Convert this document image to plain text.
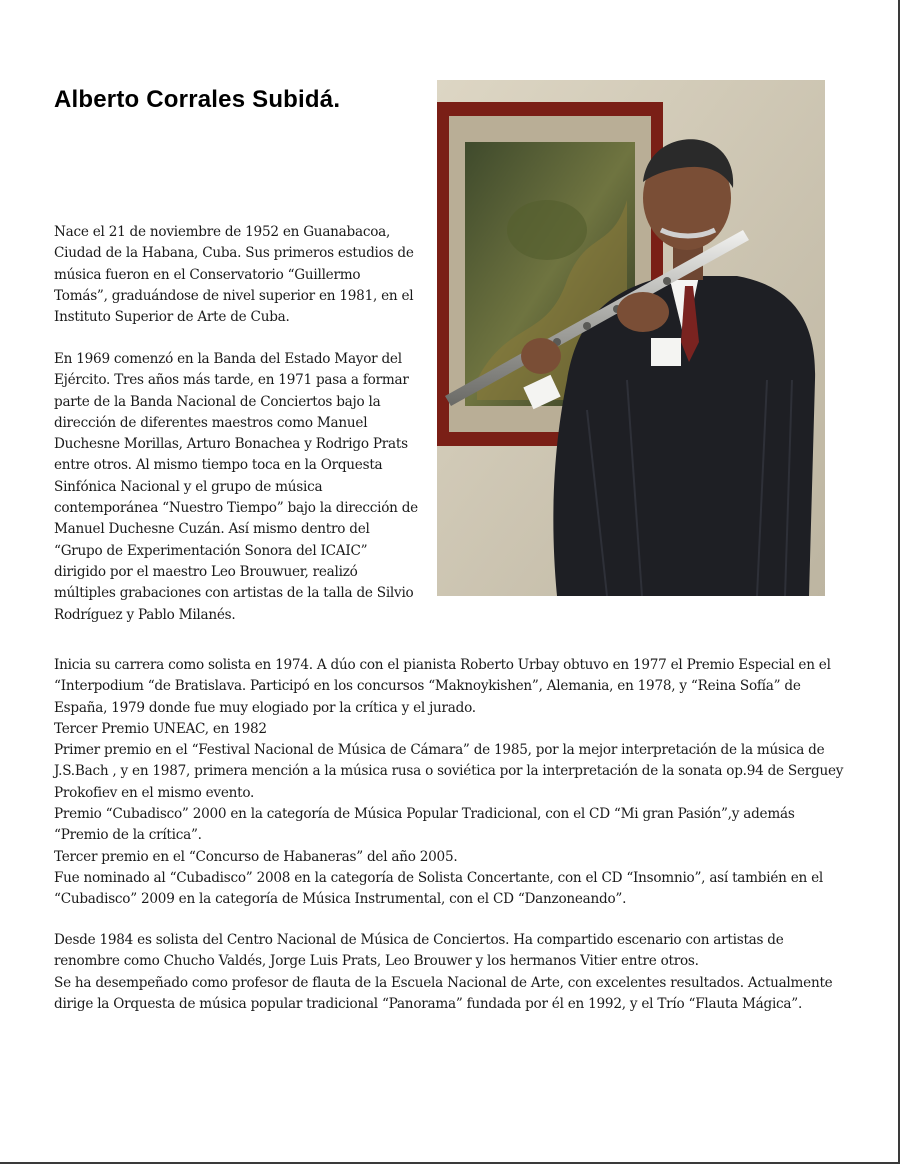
Alberto Corrales Subidá.

Nace el 21 de noviembre de 1952 en Guanabacoa, Ciudad de la Habana, Cuba. Sus primeros estudios de música fueron en el Conservatorio “Guillermo Tomás”, graduándose de nivel superior en 1981, en el Instituto Superior de Arte de Cuba.

En 1969 comenzó en la Banda del Estado Mayor del Ejército. Tres años más tarde, en 1971 pasa a formar parte de la Banda Nacional de Conciertos bajo la dirección de diferentes maestros como Manuel Duchesne Morillas, Arturo Bonachea y Rodrigo Prats entre otros. Al mismo tiempo toca en la Orquesta Sinfónica Nacional y el grupo de música contemporánea “Nuestro Tiempo” bajo la dirección de Manuel Duchesne Cuzán. Así mismo dentro del “Grupo de Experimentación Sonora del ICAIC” dirigido por el maestro Leo Brouwuer, realizó múltiples grabaciones con artistas de la talla de Silvio Rodríguez y Pablo Milanés.

Inicia su carrera como solista en 1974. A dúo con el pianista Roberto Urbay obtuvo en 1977 el Premio Especial en el “Interpodium “de Bratislava. Participó en los concursos “Maknoykishen”, Alemania, en 1978, y “Reina Sofía” de España, 1979 donde fue muy elogiado por la crítica y el jurado.

Tercer Premio UNEAC, en 1982

Primer premio en el “Festival Nacional de Música de Cámara” de 1985, por la mejor interpretación de la música de J.S.Bach , y en 1987, primera mención a la música rusa o soviética por la interpretación de la sonata op.94 de Serguey Prokofiev en el mismo evento.

Premio “Cubadisco” 2000 en la categoría de Música Popular Tradicional, con el CD “Mi gran Pasión”,y además “Premio de la crítica”.

Tercer premio en el “Concurso de Habaneras” del año 2005.

Fue nominado al “Cubadisco” 2008 en la categoría de Solista Concertante, con el CD “Insomnio”, así también en el “Cubadisco” 2009 en la categoría de Música Instrumental, con el CD “Danzoneando”.

Desde 1984 es solista del Centro Nacional de Música de Conciertos. Ha compartido escenario con artistas de renombre como Chucho Valdés, Jorge Luis Prats, Leo Brouwer y los hermanos Vitier entre otros.

Se ha desempeñado como profesor de flauta de la Escuela Nacional de Arte, con excelentes resultados. Actualmente dirige la Orquesta de música popular tradicional “Panorama” fundada por él en 1992, y el Trío “Flauta Mágica”.
